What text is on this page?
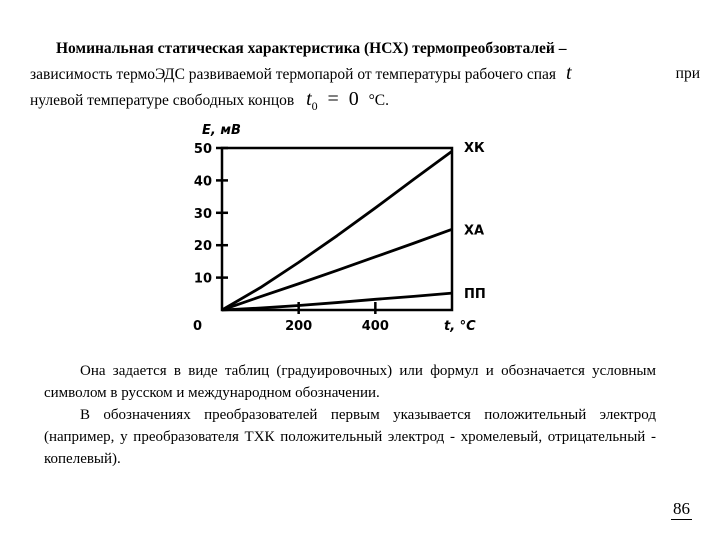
Номинальная статическая характеристика (НСХ) термопреобзовталей –
зависимость термоЭДС развиваемой термопарой от температуры рабочего спая t	при
нулевой температуре свободных концов $t_0 = 0$ °С.
0
10
20
30
40
50
200	400
E, мВ
t, °C
ХК
ХА
ПП

Она задается в виде таблиц (градуировочных) или формул и обозначается условным символом в русском и международном обозначении.

В обозначениях преобразователей первым указывается положительный электрод (например, у преобразователя ТХК положительный электрод - хромелевый, отрицательный - копелевый).

86
